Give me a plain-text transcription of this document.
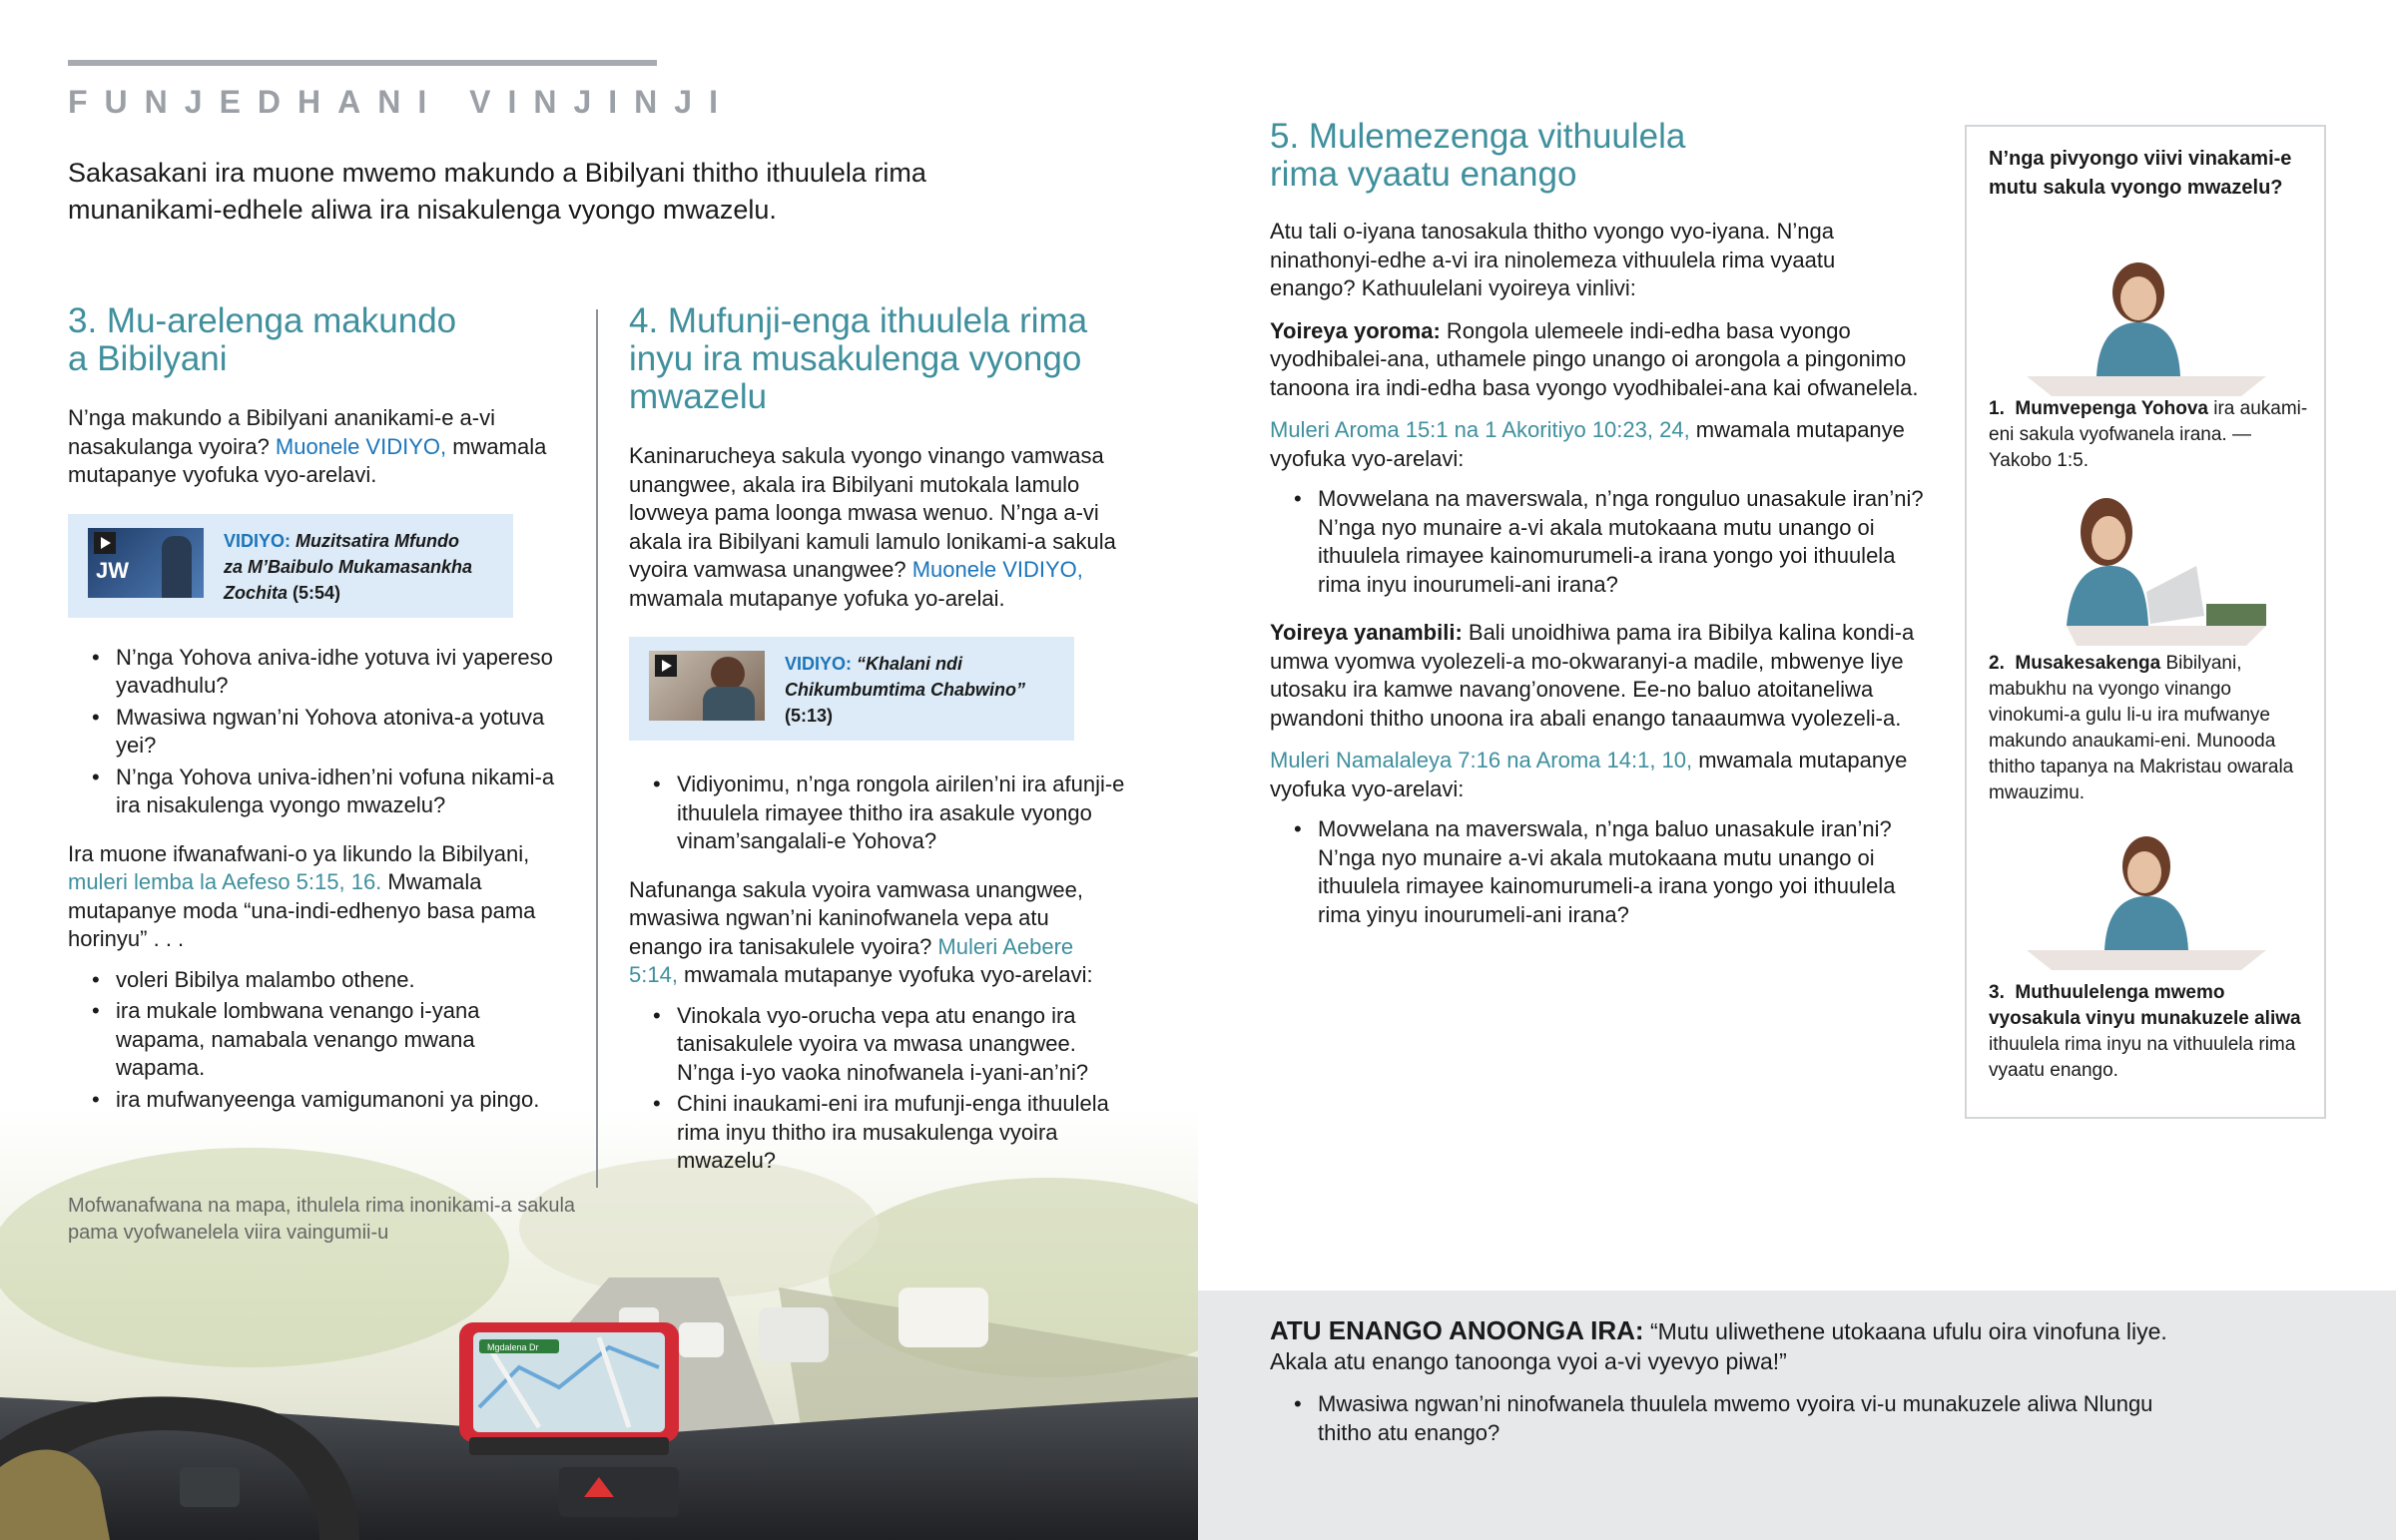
Mgdalena Dr
FUNJEDHANI VINJINJI
Sakasakani ira muone mwemo makundo a Bibilyani thitho ithuulela rima munanikami-edhele aliwa ira nisakulenga vyongo mwazelu.
3. Mu-arelenga makundo
a Bibilyani
N’nga makundo a Bibilyani ananikami-e a-vi nasakulanga vyoira? Muonele VIDIYO, mwamala mutapanye vyofuka vyo-arelavi.
JW
VIDIYO: Muzitsatira Mfundo za M’Baibulo Mukamasankha Zochita (5:54)
• N’nga Yohova aniva-idhe yotuva ivi yapereso yavadhulu?
• Mwasiwa ngwan’ni Yohova atoniva-a yotuva yei?
• N’nga Yohova univa-idhen’ni vofuna nikami-a ira nisakulenga vyongo mwazelu?
Ira muone ifwanafwani-o ya likundo la Bibilyani, muleri lemba la Aefeso 5:15, 16. Mwamala mutapanye moda “una-indi-edhenyo basa pama horinyu” . . .
• voleri Bibilya malambo othene.
• ira mukale lombwana venango i-yana wapama, namabala venango mwana wapama.
• ira mufwanyeenga vamigumanoni ya pingo.
4. Mufunji-enga ithuulela rima
inyu ira musakulenga vyongo
mwazelu
Kaninarucheya sakula vyongo vinango vamwasa unangwee, akala ira Bibilyani mutokala lamulo lovweya pama loonga mwasa wenuo. N’nga a-vi akala ira Bibilyani kamuli lamulo lonikami-a sakula vyoira vamwasa unangwee? Muonele VIDIYO, mwamala mutapanye yofuka yo-arelai.
VIDIYO: “Khalani ndi Chikumbumtima Chabwino”
(5:13)
• Vidiyonimu, n’nga rongola airilen’ni ira afunji-e ithuulela rimayee thitho ira asakule vyongo vinam’sangalali-e Yohova?
Nafunanga sakula vyoira vamwasa unangwee, mwasiwa ngwan’ni kaninofwanela vepa atu enango ira tanisakulele vyoira? Muleri Aebere 5:14, mwamala mutapanye vyofuka vyo-arelavi:
• Vinokala vyo-orucha vepa atu enango ira tanisakulele vyoira va mwasa unangwee. N’nga i-yo vaoka ninofwanela i-yani-an’ni?
• Chini inaukami-eni ira mufunji-enga ithuulela rima inyu thitho ira musakulenga vyoira mwazelu?
Mofwanafwana na mapa, ithulela rima inonikami-a sakula pama vyofwanelela viira vaingumii-u
5. Mulemezenga vithuulela
rima vyaatu enango
Atu tali o-iyana tanosakula thitho vyongo vyo-iyana. N’nga ninathonyi-edhe a-vi ira ninolemeza vithuulela rima vyaatu enango? Kathuulelani vyoireya vinlivi:
Yoireya yoroma: Rongola ulemeele indi-edha basa vyongo vyodhibalei-ana, uthamele pingo unango oi arongola a pingonimo tanoona ira indi-edha basa vyongo vyodhibalei-ana kai ofwanelela.
Muleri Aroma 15:1 na 1 Akoritiyo 10:23, 24, mwamala mutapanye vyofuka vyo-arelavi:
• Movwelana na maverswala, n’nga ronguluo unasakule iran’ni? N’nga nyo munaire a-vi akala mutokaana mutu unango oi ithuulela rimayee kainomurumeli-a irana yongo yoi ithuulela rima inyu inourumeli-ani irana?
Yoireya yanambili: Bali unoidhiwa pama ira Bibilya kalina kondi-a umwa vyomwa vyolezeli-a mo-okwaranyi-a madile, mbwenye liye utosaku ira kamwe navang’onovene. Ee-no baluo atoitaneliwa pwandoni thitho unoona ira abali enango tanaaumwa vyolezeli-a.
Muleri Namalaleya 7:16 na Aroma 14:1, 10, mwamala mutapanye vyofuka vyo-arelavi:
• Movwelana na maverswala, n’nga baluo unasakule iran’ni? N’nga nyo munaire a-vi akala mutokaana mutu unango oi ithuulela rimayee kainomurumeli-a irana yongo yoi ithuulela rima yinyu inourumeli-ani irana?
N’nga pivyongo viivi vinakami-e mutu sakula vyongo mwazelu?
1. Mumvepenga Yohova ira aukami-eni sakula vyofwanela irana. —Yakobo 1:5.
2. Musakesakenga Bibilyani, mabukhu na vyongo vinango vinokumi-a gulu li-u ira mufwanye makundo anaukami-eni. Munooda thitho tapanya na Makristau owarala mwauzimu.
3. Muthuulelenga mwemo vyosakula vinyu munakuzele aliwa ithuulela rima inyu na vithuulela rima vyaatu enango.
ATU ENANGO ANOONGA IRA: “Mutu uliwethene utokaana ufulu oira vinofuna liye. Akala atu enango tanoonga vyoi a-vi vyevyo piwa!”
• Mwasiwa ngwan’ni ninofwanela thuulela mwemo vyoira vi-u munakuzele aliwa Nlungu thitho atu enango?
